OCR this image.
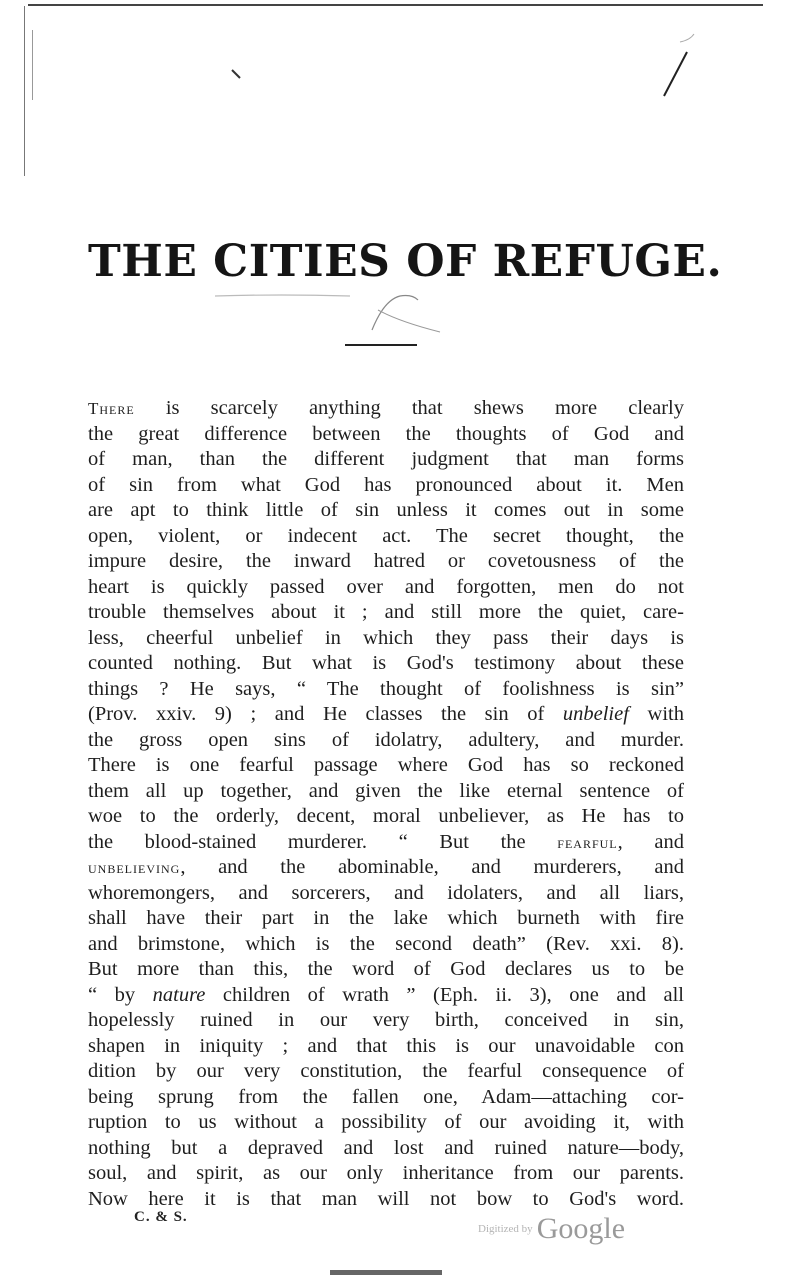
THE CITIES OF REFUGE.
There is scarcely anything that shews more clearly
the great difference between the thoughts of God and
of man, than the different judgment that man forms
of sin from what God has pronounced about it. Men
are apt to think little of sin unless it comes out in some
open, violent, or indecent act. The secret thought, the
impure desire, the inward hatred or covetousness of the
heart is quickly passed over and forgotten, men do not
trouble themselves about it ; and still more the quiet, care-
less, cheerful unbelief in which they pass their days is
counted nothing. But what is God's testimony about these
things ? He says, “ The thought of foolishness is sin”
(Prov. xxiv. 9) ; and He classes the sin of unbelief with
the gross open sins of idolatry, adultery, and murder.
There is one fearful passage where God has so reckoned
them all up together, and given the like eternal sentence of
woe to the orderly, decent, moral unbeliever, as He has to
the blood-stained murderer. “ But the fearful, and
unbelieving, and the abominable, and murderers, and
whoremongers, and sorcerers, and idolaters, and all liars,
shall have their part in the lake which burneth with fire
and brimstone, which is the second death” (Rev. xxi. 8).
But more than this, the word of God declares us to be
“ by nature children of wrath ” (Eph. ii. 3), one and all
hopelessly ruined in our very birth, conceived in sin,
shapen in iniquity ; and that this is our unavoidable con
dition by our very constitution, the fearful consequence of
being sprung from the fallen one, Adam—attaching cor-
ruption to us without a possibility of our avoiding it, with
nothing but a depraved and lost and ruined nature—body,
soul, and spirit, as our only inheritance from our parents.
Now here it is that man will not bow to God's word.
C. & S.
Digitized by Google
